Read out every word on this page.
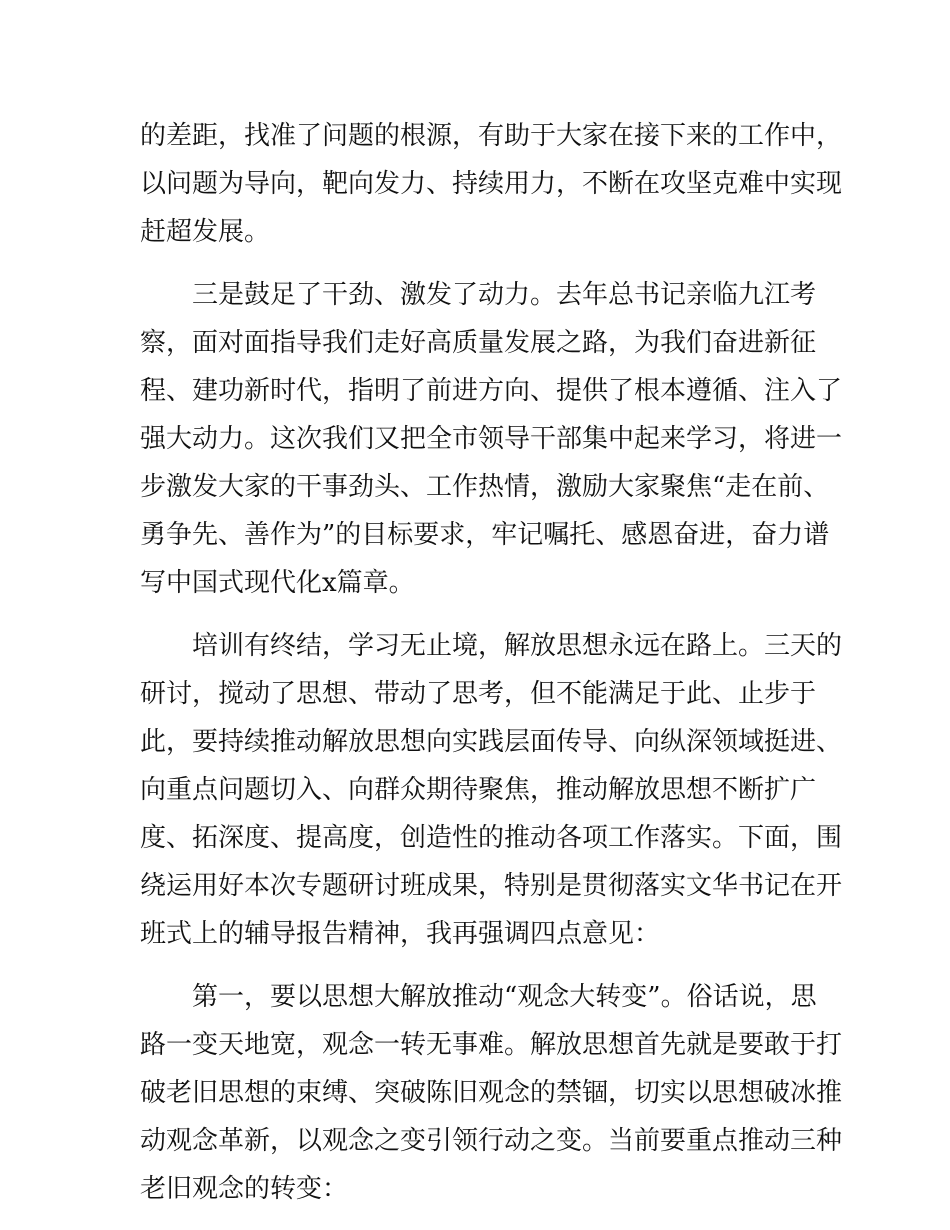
的差距，找准了问题的根源，有助于大家在接下来的工作中，
以问题为导向，靶向发力、持续用力，不断在攻坚克难中实现
赶超发展。
　　三是鼓足了干劲、激发了动力。去年总书记亲临九江考
察，面对面指导我们走好高质量发展之路，为我们奋进新征
程、建功新时代，指明了前进方向、提供了根本遵循、注入了
强大动力。这次我们又把全市领导干部集中起来学习，将进一
步激发大家的干事劲头、工作热情，激励大家聚焦“走在前、
勇争先、善作为”的目标要求，牢记嘱托、感恩奋进，奋力谱
写中国式现代化x篇章。
　　培训有终结，学习无止境，解放思想永远在路上。三天的
研讨，搅动了思想、带动了思考，但不能满足于此、止步于
此，要持续推动解放思想向实践层面传导、向纵深领域挺进、
向重点问题切入、向群众期待聚焦，推动解放思想不断扩广
度、拓深度、提高度，创造性的推动各项工作落实。下面，围
绕运用好本次专题研讨班成果，特别是贯彻落实文华书记在开
班式上的辅导报告精神，我再强调四点意见：
　　第一，要以思想大解放推动“观念大转变”。俗话说，思
路一变天地宽，观念一转无事难。解放思想首先就是要敢于打
破老旧思想的束缚、突破陈旧观念的禁锢，切实以思想破冰推
动观念革新，以观念之变引领行动之变。当前要重点推动三种
老旧观念的转变：
